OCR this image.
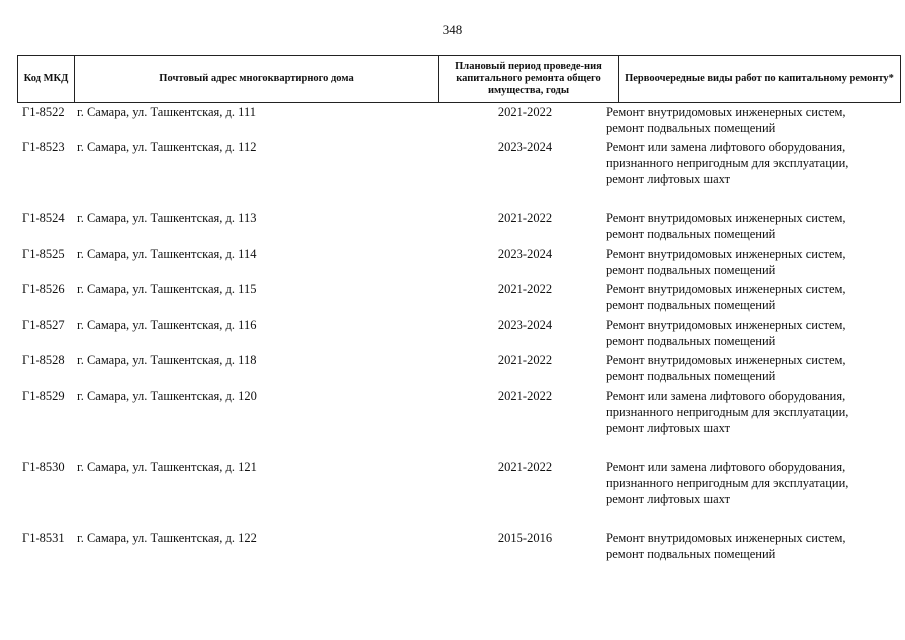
348
Код МКД	Почтовый адрес многоквартирного дома	Плановый период проведе-ния капитального ремонта общего имущества, годы	Первоочередные виды работ по капитальному ремонту*
Г1-8522 г. Самара, ул. Ташкентская, д. 111	2021-2022	Ремонт внутридомовых инженерных систем,
ремонт подвальных помещений
Г1-8523 г. Самара, ул. Ташкентская, д. 112	2023-2024	Ремонт или замена лифтового оборудования,
признанного непригодным для эксплуатации,
ремонт лифтовых шахт
Г1-8524 г. Самара, ул. Ташкентская, д. 113	2021-2022	Ремонт внутридомовых инженерных систем,
ремонт подвальных помещений
Г1-8525 г. Самара, ул. Ташкентская, д. 114	2023-2024	Ремонт внутридомовых инженерных систем,
ремонт подвальных помещений
Г1-8526 г. Самара, ул. Ташкентская, д. 115	2021-2022	Ремонт внутридомовых инженерных систем,
ремонт подвальных помещений
Г1-8527 г. Самара, ул. Ташкентская, д. 116	2023-2024	Ремонт внутридомовых инженерных систем,
ремонт подвальных помещений
Г1-8528 г. Самара, ул. Ташкентская, д. 118	2021-2022	Ремонт внутридомовых инженерных систем,
ремонт подвальных помещений
Г1-8529 г. Самара, ул. Ташкентская, д. 120	2021-2022	Ремонт или замена лифтового оборудования,
признанного непригодным для эксплуатации,
ремонт лифтовых шахт
Г1-8530 г. Самара, ул. Ташкентская, д. 121	2021-2022	Ремонт или замена лифтового оборудования,
признанного непригодным для эксплуатации,
ремонт лифтовых шахт
Г1-8531 г. Самара, ул. Ташкентская, д. 122	2015-2016	Ремонт внутридомовых инженерных систем,
ремонт подвальных помещений
